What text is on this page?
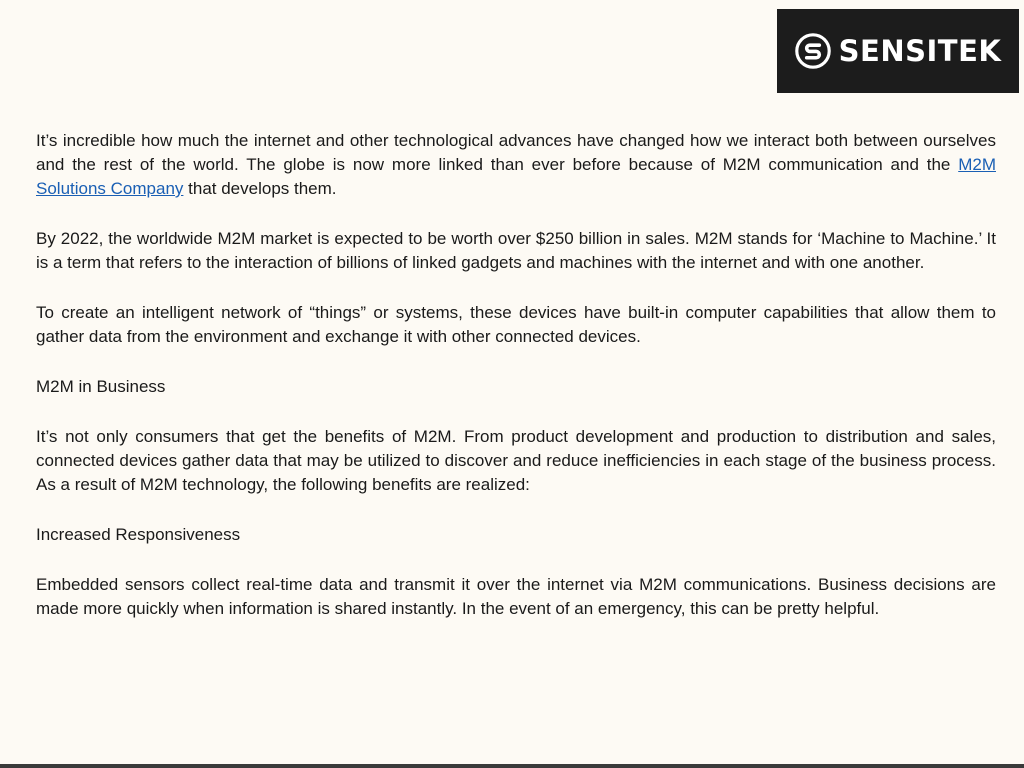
SENSITEK

It’s incredible how much the internet and other technological advances have changed how we interact both between ourselves and the rest of the world. The globe is now more linked than ever before because of M2M communication and the M2M Solutions Company that develops them.

By 2022, the worldwide M2M market is expected to be worth over $250 billion in sales. M2M stands for ‘Machine to Machine.’ It is a term that refers to the interaction of billions of linked gadgets and machines with the internet and with one another.

To create an intelligent network of “things” or systems, these devices have built-in computer capabilities that allow them to gather data from the environment and exchange it with other connected devices.

M2M in Business

It’s not only consumers that get the benefits of M2M. From product development and production to distribution and sales, connected devices gather data that may be utilized to discover and reduce inefficiencies in each stage of the business process. As a result of M2M technology, the following benefits are realized:

Increased Responsiveness

Embedded sensors collect real-time data and transmit it over the internet via M2M communications. Business decisions are made more quickly when information is shared instantly. In the event of an emergency, this can be pretty helpful.
